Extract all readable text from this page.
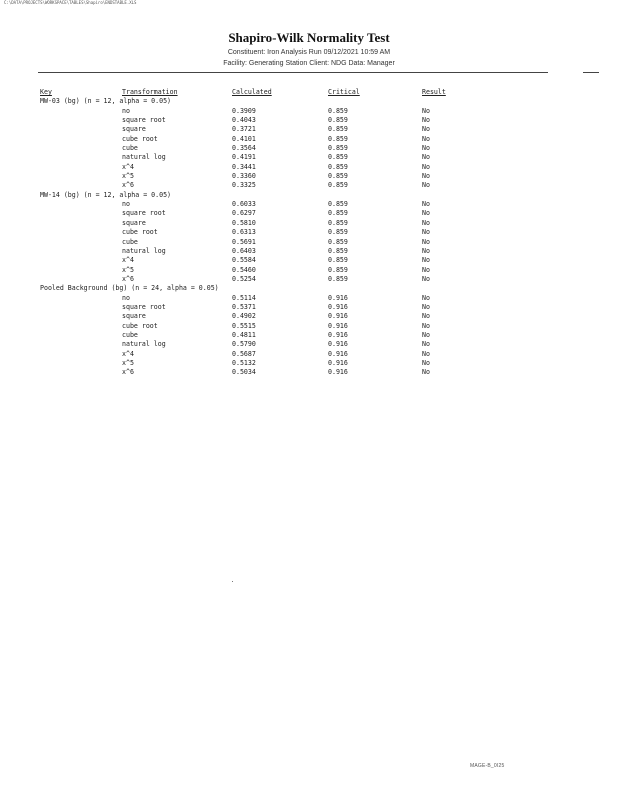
C:\DATA\PROJECTS\WORKSPACE\TABLES\Shapiro\ENDSTABLE.XLS
Shapiro-Wilk Normality Test
Constituent: Iron Analysis Run 09/12/2021 10:59 AM
Facility: Generating Station Client: NDG Data: Manager
Key	Transformation	Calculated	Critical	Result
MW-03 (bg) (n = 12, alpha = 0.05)
no	0.3909	0.859	No
square root	0.4043	0.859	No
square	0.3721	0.859	No
cube root	0.4101	0.859	No
cube	0.3564	0.859	No
natural log	0.4191	0.859	No
x^4	0.3441	0.859	No
x^5	0.3360	0.859	No
x^6	0.3325	0.859	No
MW-14 (bg) (n = 12, alpha = 0.05)
no	0.6033	0.859	No
square root	0.6297	0.859	No
square	0.5810	0.859	No
cube root	0.6313	0.859	No
cube	0.5691	0.859	No
natural log	0.6403	0.859	No
x^4	0.5584	0.859	No
x^5	0.5460	0.859	No
x^6	0.5254	0.859	No
Pooled Background (bg) (n = 24, alpha = 0.05)
no	0.5114	0.916	No
square root	0.5371	0.916	No
square	0.4902	0.916	No
cube root	0.5515	0.916	No
cube	0.4811	0.916	No
natural log	0.5790	0.916	No
x^4	0.5687	0.916	No
x^5	0.5132	0.916	No
x^6	0.5034	0.916	No
MAGE-B_0I25
